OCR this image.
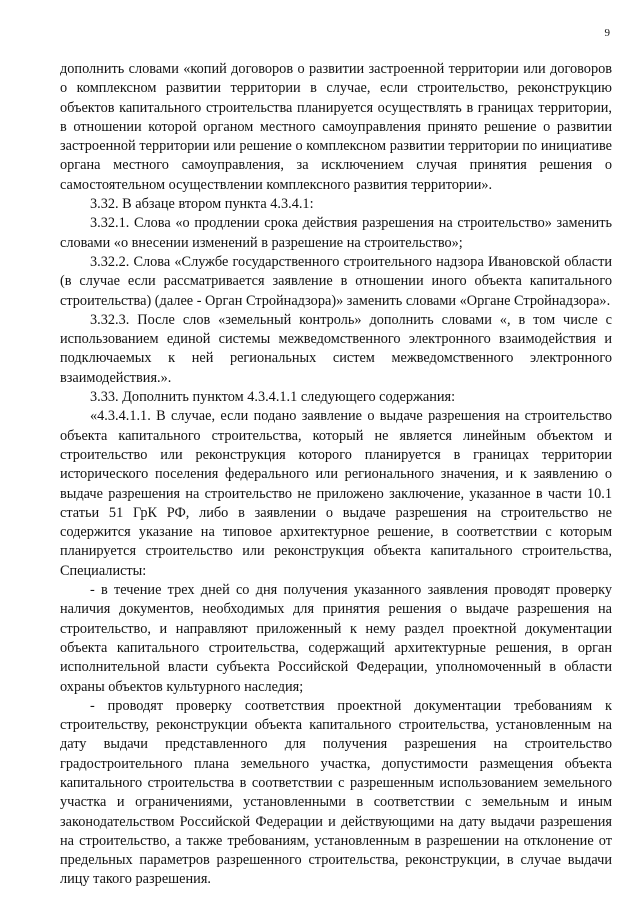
9

дополнить словами «копий договоров о развитии застроенной территории или договоров о комплексном развитии территории в случае, если строительство, реконструкцию объектов капитального строительства планируется осуществлять в границах территории, в отношении которой органом местного самоуправления принято решение о развитии застроенной территории или решение о комплексном развитии территории по инициативе органа местного самоуправления, за исключением случая принятия решения о самостоятельном осуществлении комплексного развития территории».

3.32. В абзаце втором пункта 4.3.4.1:

3.32.1. Слова «о продлении срока действия разрешения на строительство» заменить словами «о внесении изменений в разрешение на строительство»;

3.32.2. Слова «Службе государственного строительного надзора Ивановской области (в случае если рассматривается заявление в отношении иного объекта капитального строительства) (далее - Орган Стройнадзора)» заменить словами «Органе Стройнадзора».

3.32.3. После слов «земельный контроль» дополнить словами «, в том числе с использованием единой системы межведомственного электронного взаимодействия и подключаемых к ней региональных систем межведомственного электронного взаимодействия.».

3.33. Дополнить пунктом 4.3.4.1.1 следующего содержания:

«4.3.4.1.1. В случае, если подано заявление о выдаче разрешения на строительство объекта капитального строительства, который не является линейным объектом и строительство или реконструкция которого планируется в границах территории исторического поселения федерального или регионального значения, и к заявлению о выдаче разрешения на строительство не приложено заключение, указанное в части 10.1 статьи 51 ГрК РФ, либо в заявлении о выдаче разрешения на строительство не содержится указание на типовое архитектурное решение, в соответствии с которым планируется строительство или реконструкция объекта капитального строительства, Специалисты:

- в течение трех дней со дня получения указанного заявления проводят проверку наличия документов, необходимых для принятия решения о выдаче разрешения на строительство, и направляют приложенный к нему раздел проектной документации объекта капитального строительства, содержащий архитектурные решения, в орган исполнительной власти субъекта Российской Федерации, уполномоченный в области охраны объектов культурного наследия;

- проводят проверку соответствия проектной документации требованиям к строительству, реконструкции объекта капитального строительства, установленным на дату выдачи представленного для получения разрешения на строительство градостроительного плана земельного участка, допустимости размещения объекта капитального строительства в соответствии с разрешенным использованием земельного участка и ограничениями, установленными в соответствии с земельным и иным законодательством Российской Федерации и действующими на дату выдачи разрешения на строительство, а также требованиям, установленным в разрешении на отклонение от предельных параметров разрешенного строительства, реконструкции, в случае выдачи лицу такого разрешения.
